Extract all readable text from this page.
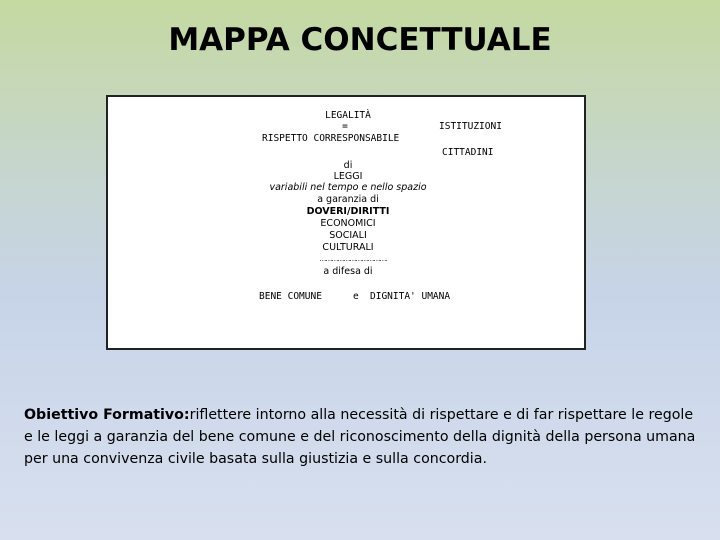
MAPPA CONCETTUALE
LEGALITÀ
=	ISTITUZIONI
RISPETTO CORRESPONSABILE
CITTADINI
di
LEGGI
variabili nel tempo e nello spazio
a garanzia di
DOVERI/DIRITTI
ECONOMICI
SOCIALI
CULTURALI
…………………………….
a difesa di
BENE COMUNE	e DIGNITA' UMANA
Obiettivo Formativo:riflettere intorno alla necessità di rispettare e di far rispettare le regole e le leggi a garanzia del bene comune e del riconoscimento della dignità della persona umana per una convivenza civile basata sulla giustizia e sulla concordia.
